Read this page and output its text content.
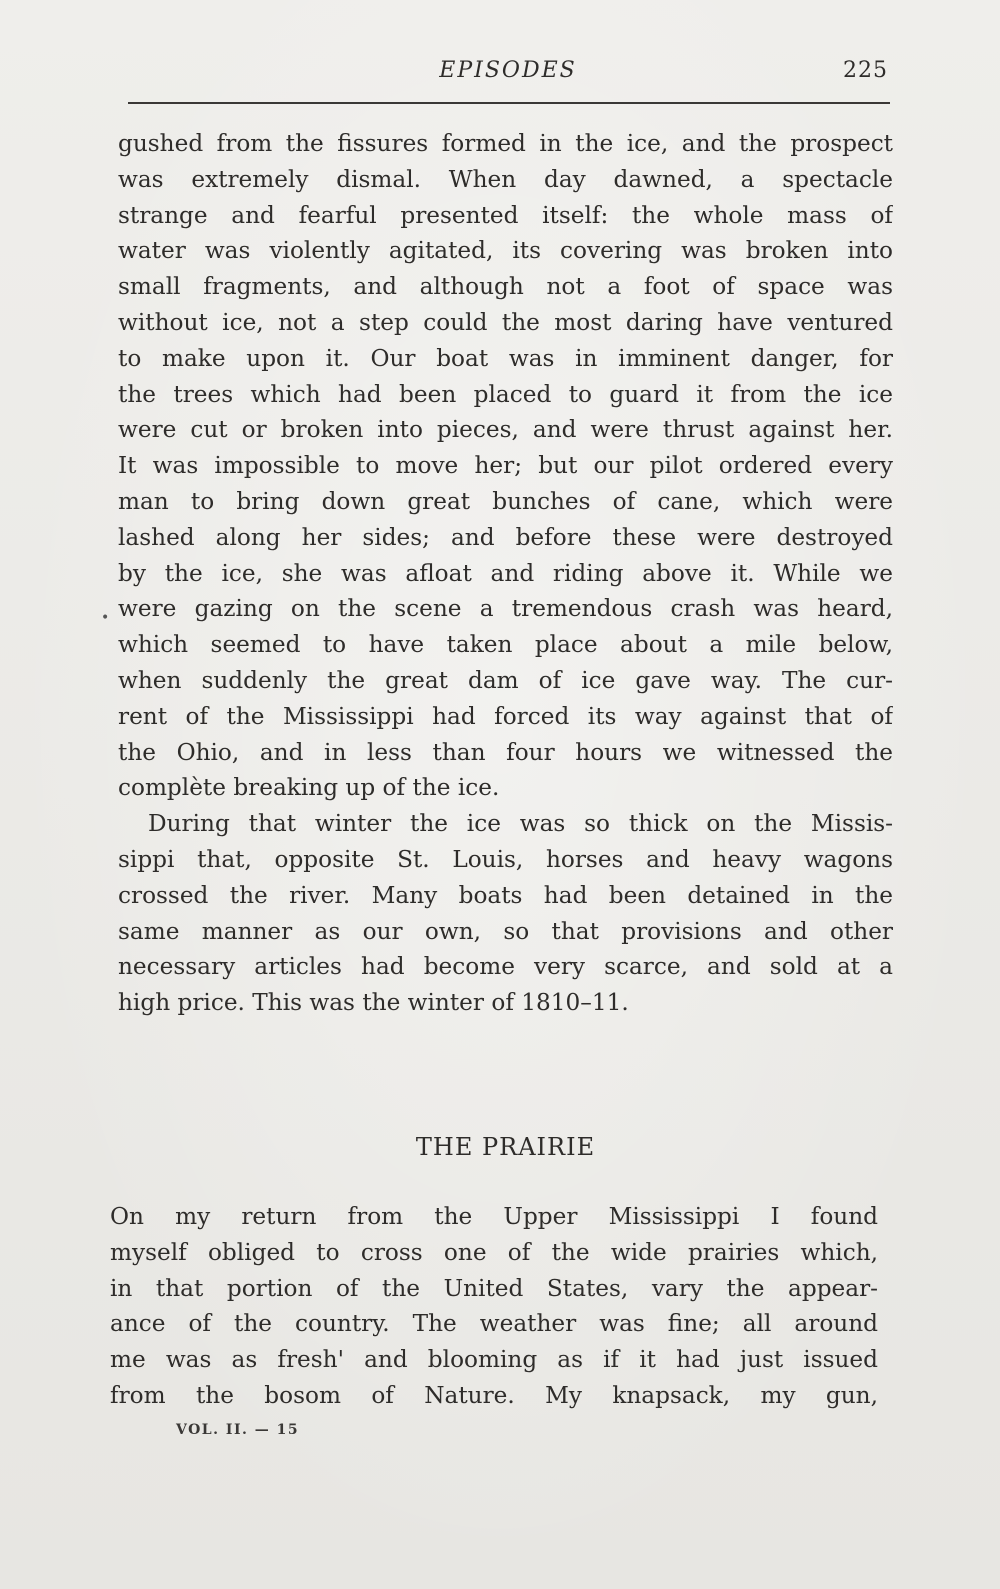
EPISODES	225
•
gushed from the fissures formed in the ice, and the prospect
was extremely dismal. When day dawned, a spectacle
strange and fearful presented itself: the whole mass of
water was violently agitated, its covering was broken into
small fragments, and although not a foot of space was
without ice, not a step could the most daring have ventured
to make upon it. Our boat was in imminent danger, for
the trees which had been placed to guard it from the ice
were cut or broken into pieces, and were thrust against her.
It was impossible to move her; but our pilot ordered every
man to bring down great bunches of cane, which were
lashed along her sides; and before these were destroyed
by the ice, she was afloat and riding above it. While we
were gazing on the scene a tremendous crash was heard,
which seemed to have taken place about a mile below,
when suddenly the great dam of ice gave way. The cur-
rent of the Mississippi had forced its way against that of
the Ohio, and in less than four hours we witnessed the
complète breaking up of the ice.
During that winter the ice was so thick on the Missis-
sippi that, opposite St. Louis, horses and heavy wagons
crossed the river. Many boats had been detained in the
same manner as our own, so that provisions and other
necessary articles had become very scarce, and sold at a
high price. This was the winter of 1810–11.
THE PRAIRIE
On my return from the Upper Mississippi I found
myself obliged to cross one of the wide prairies which,
in that portion of the United States, vary the appear-
ance of the country. The weather was fine; all around
me was as fresh' and blooming as if it had just issued
from the bosom of Nature. My knapsack, my gun,
VOL. II. — 15
